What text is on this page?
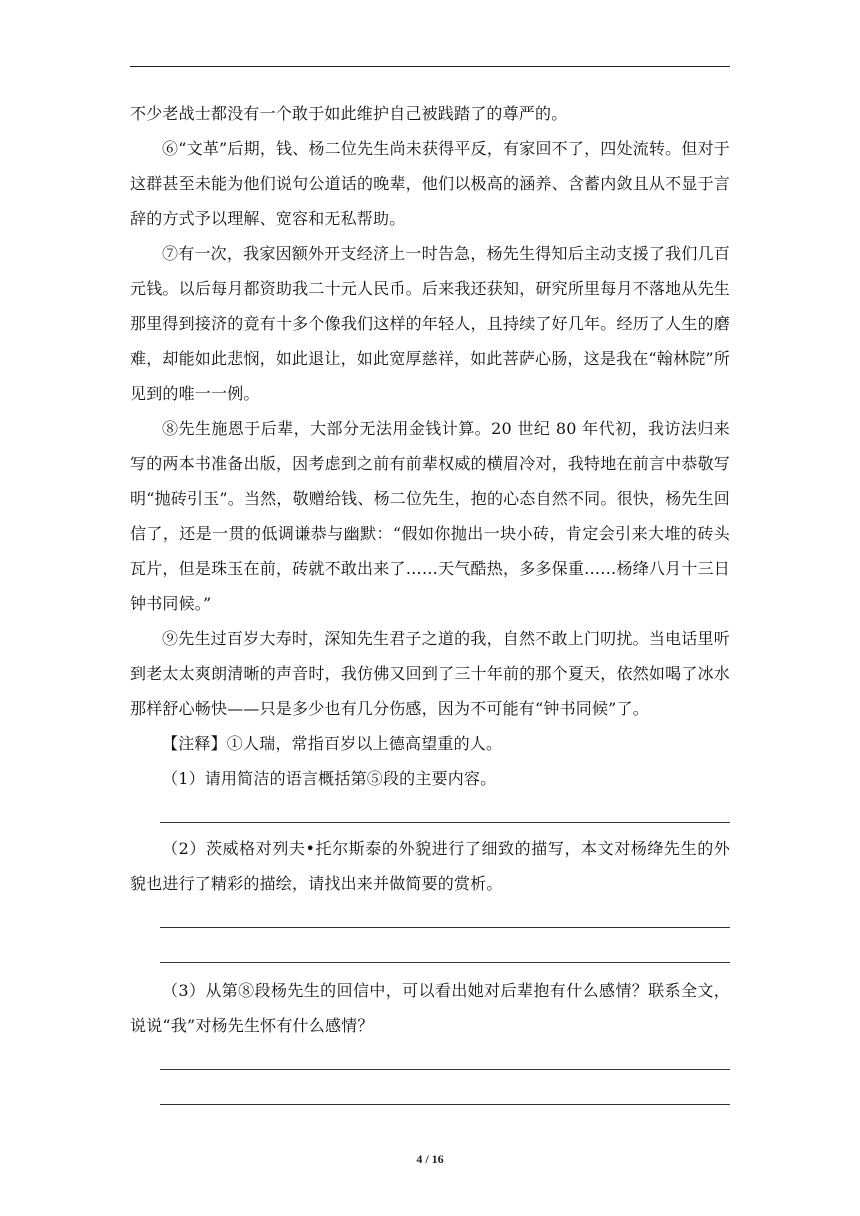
不少老战士都没有一个敢于如此维护自己被践踏了的尊严的。

⑥“文革”后期，钱、杨二位先生尚未获得平反，有家回不了，四处流转。但对于这群甚至未能为他们说句公道话的晚辈，他们以极高的涵养、含蓄内敛且从不显于言辞的方式予以理解、宽容和无私帮助。

⑦有一次，我家因额外开支经济上一时告急，杨先生得知后主动支援了我们几百元钱。以后每月都资助我二十元人民币。后来我还获知，研究所里每月不落地从先生那里得到接济的竟有十多个像我们这样的年轻人，且持续了好几年。经历了人生的磨难，却能如此悲悯，如此退让，如此宽厚慈祥，如此菩萨心肠，这是我在“翰林院”所见到的唯一一例。

⑧先生施恩于后辈，大部分无法用金钱计算。20 世纪 80 年代初，我访法归来写的两本书准备出版，因考虑到之前有前辈权威的横眉冷对，我特地在前言中恭敬写明“抛砖引玉”。当然，敬赠给钱、杨二位先生，抱的心态自然不同。很快，杨先生回信了，还是一贯的低调谦恭与幽默：“假如你抛出一块小砖，肯定会引来大堆的砖头瓦片，但是珠玉在前，砖就不敢出来了……天气酷热，多多保重……杨绛八月十三日钟书同候。”

⑨先生过百岁大寿时，深知先生君子之道的我，自然不敢上门叨扰。当电话里听到老太太爽朗清晰的声音时，我仿佛又回到了三十年前的那个夏天，依然如喝了冰水那样舒心畅快——只是多少也有几分伤感，因为不可能有“钟书同候”了。

【注释】①人瑞，常指百岁以上德高望重的人。

（1）请用简洁的语言概括第⑤段的主要内容。

（2）茨威格对列夫•托尔斯泰的外貌进行了细致的描写，本文对杨绛先生的外貌也进行了精彩的描绘，请找出来并做简要的赏析。

（3）从第⑧段杨先生的回信中，可以看出她对后辈抱有什么感情？联系全文，说说“我”对杨先生怀有什么感情？

4 / 16
